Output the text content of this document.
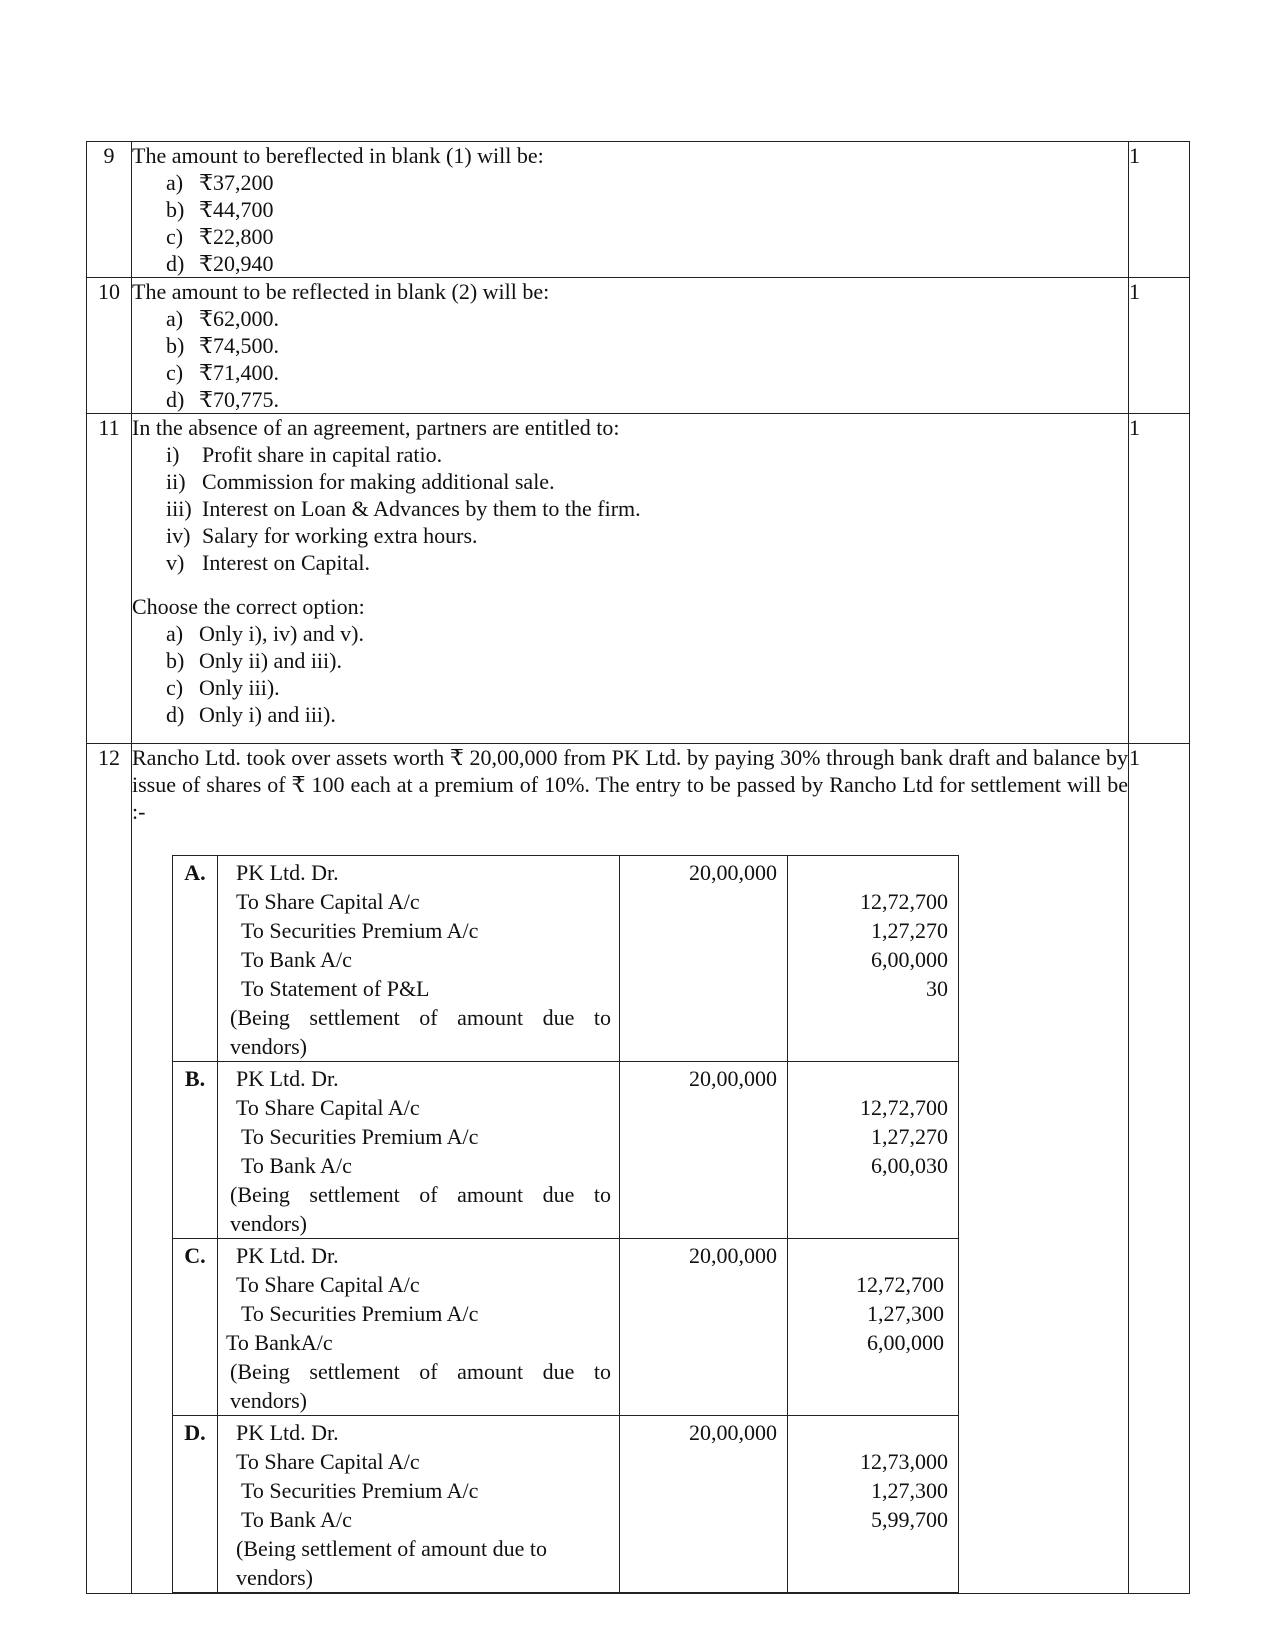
9	The amount to bereflected in blank (1) will be:

a) ₹37,200
b) ₹44,700
c) ₹22,800
d) ₹20,940
	1
10	The amount to be reflected in blank (2) will be:

a) ₹62,000.
b) ₹74,500.
c) ₹71,400.
d) ₹70,775.
	1
11	In the absence of an agreement, partners are entitled to:

i)	Profit share in capital ratio.
ii) Commission for making additional sale.
iii) Interest on Loan & Advances by them to the firm.
iv) Salary for working extra hours.
v) Interest on Capital.

Choose the correct option:

a) Only i), iv) and v).
b) Only ii) and iii).
c) Only iii).
d) Only i) and iii).
	1
12	Rancho Ltd. took over assets worth ₹ 20,00,000 from PK Ltd. by paying 30% through bank draft and balance by issue of shares of ₹ 100 each at a premium of 10%. The entry to be passed by Rancho Ltd for settlement will be :-

A.	PK Ltd. Dr.
To Share Capital A/c
To Securities Premium A/c
To Bank A/c
To Statement of P&L
(Being settlement of amount due to vendors)
	20,00,000	

12,72,700
1,27,270
6,00,000
30

B.	PK Ltd. Dr.
To Share Capital A/c
To Securities Premium A/c
To Bank A/c
(Being settlement of amount due to vendors)
	20,00,000	

12,72,700
1,27,270
6,00,030

C.	PK Ltd. Dr.
To Share Capital A/c
To Securities Premium A/c
To BankA/c
(Being settlement of amount due to vendors)
	20,00,000	

12,72,700
1,27,300
6,00,000

D.	PK Ltd. Dr.
To Share Capital A/c
To Securities Premium A/c
To Bank A/c
(Being settlement of amount due to vendors)
	20,00,000	

12,73,000
1,27,300
5,99,700
	1
